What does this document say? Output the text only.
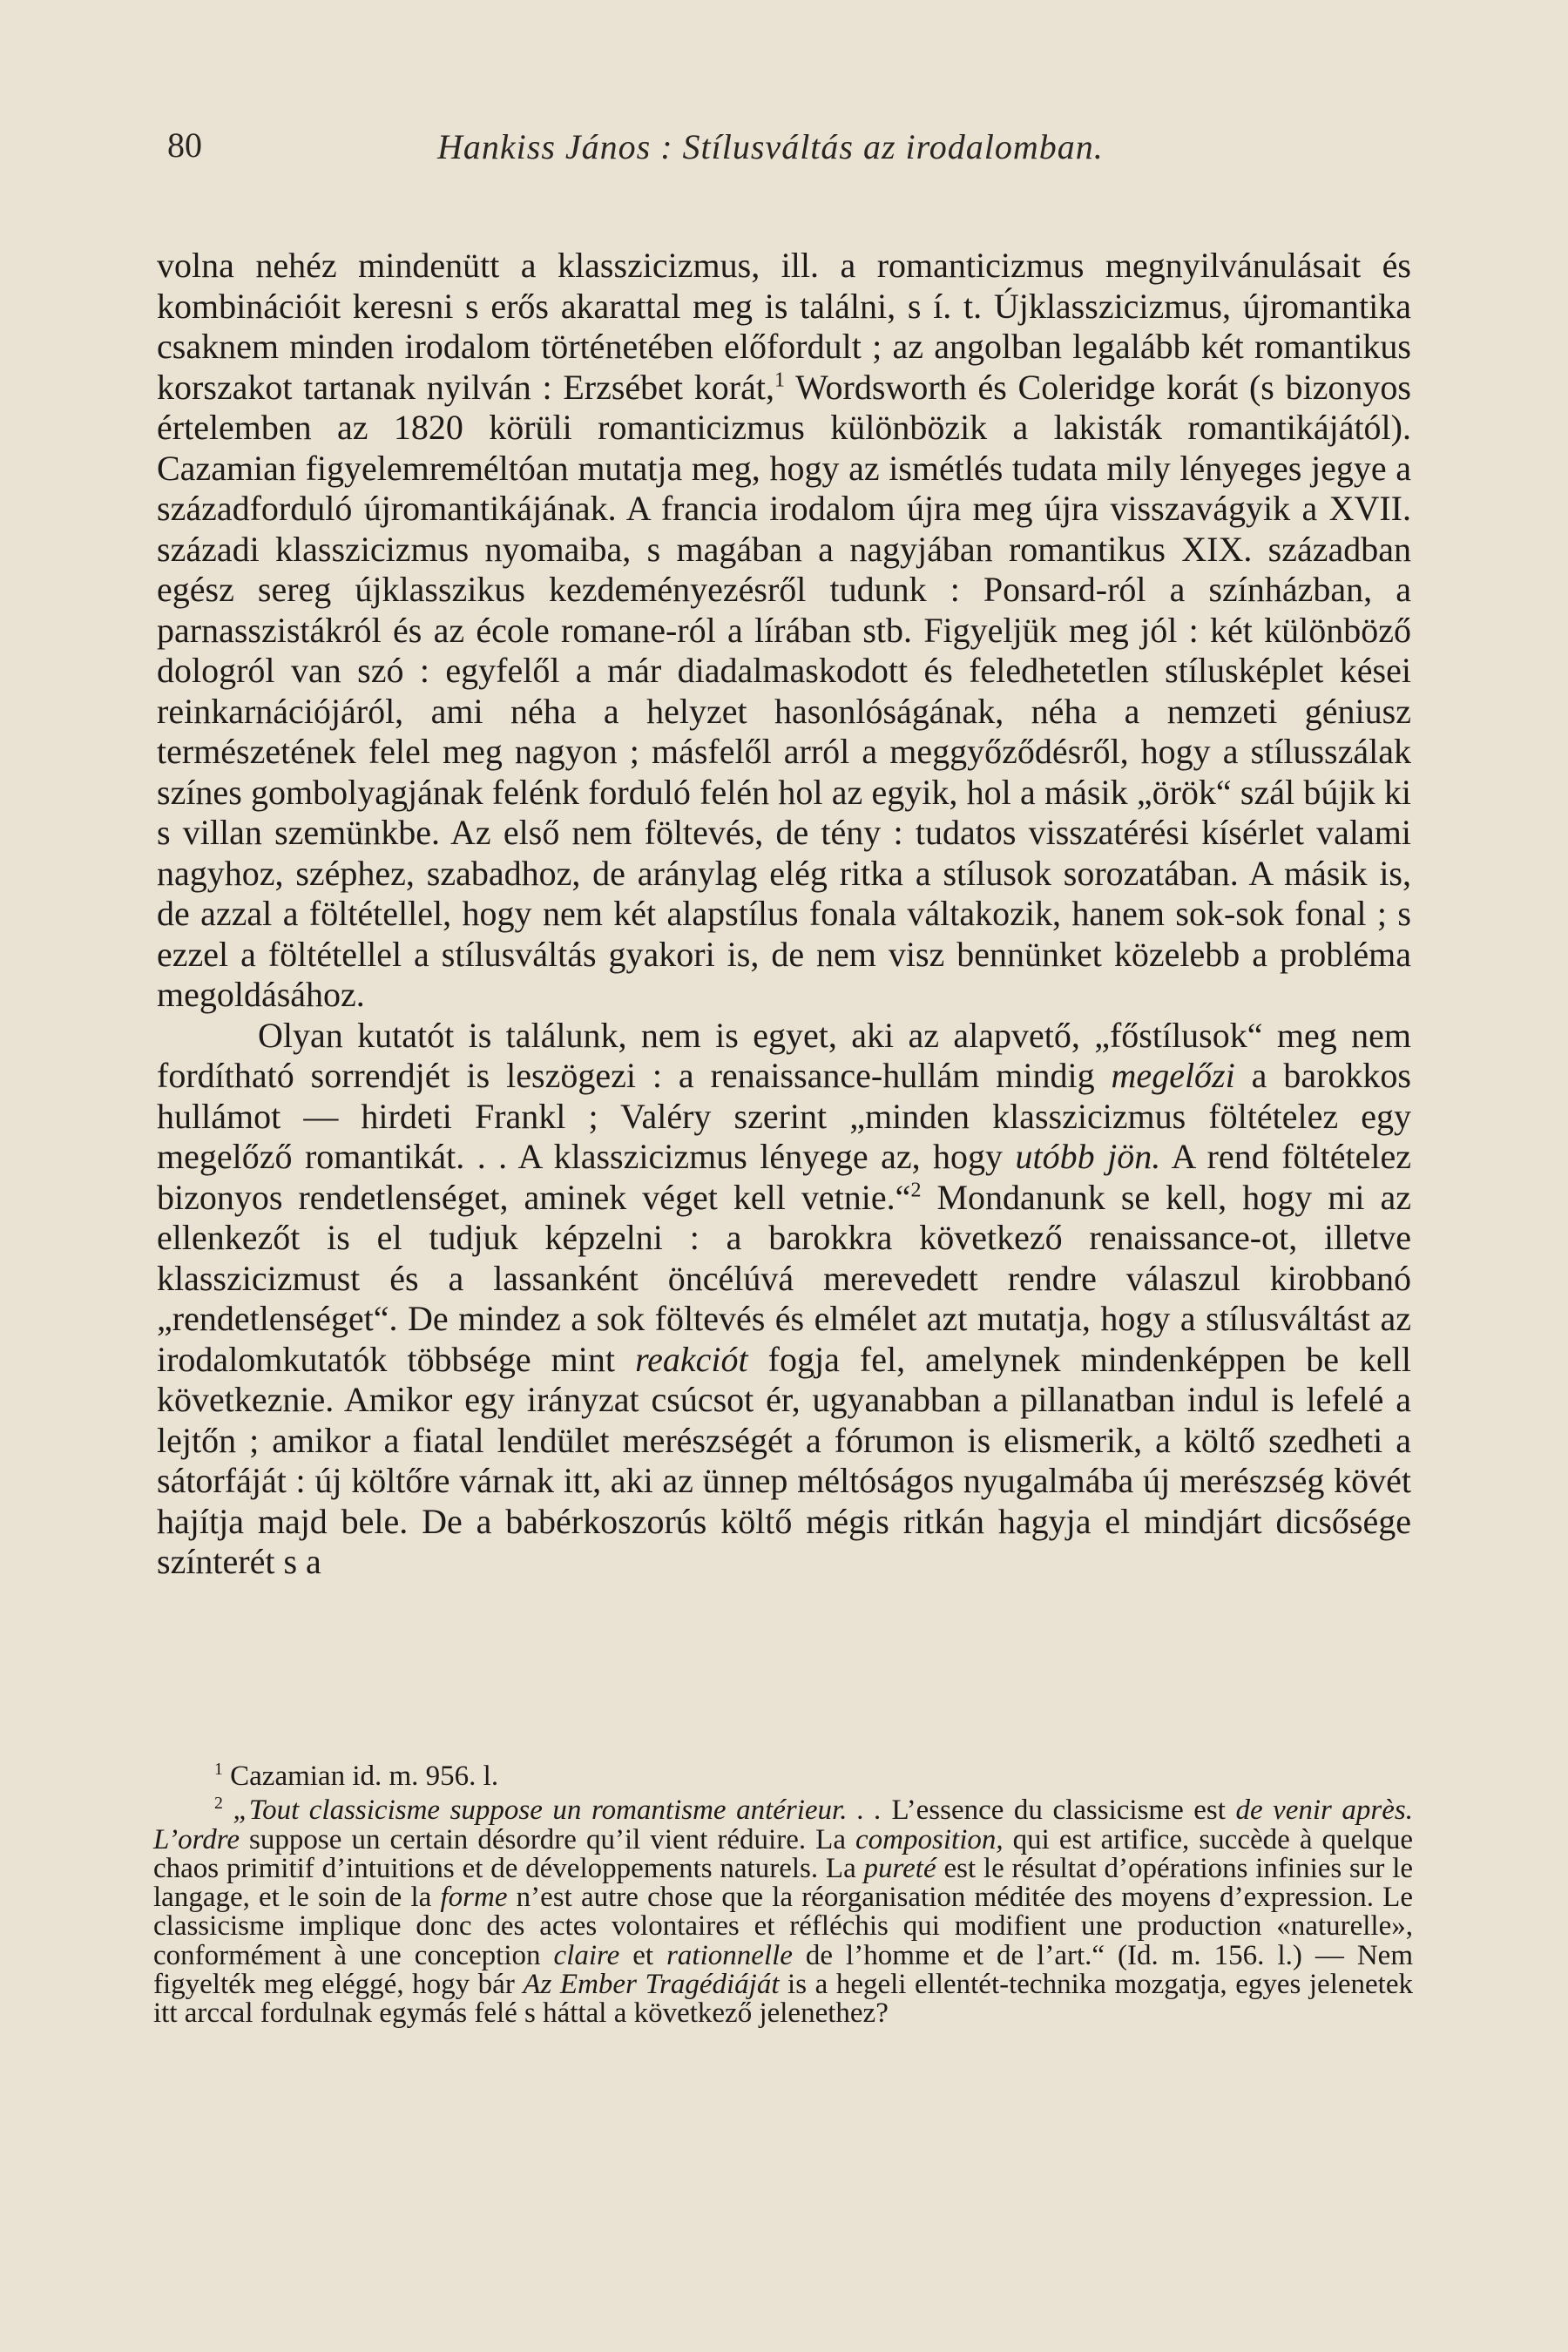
80	Hankiss János : Stílusváltás az irodalomban.

volna nehéz mindenütt a klasszicizmus, ill. a romanticizmus megnyilvánulásait és kombinációit keresni s erős akarattal meg is találni, s í. t. Újklasszicizmus, újromantika csaknem minden irodalom történetében előfordult ; az angolban legalább két romantikus korszakot tartanak nyilván : Erzsébet korát,$^1$ Wordsworth és Coleridge korát (s bizonyos értelemben az 1820 körüli romanticizmus különbözik a lakisták romantikájától). Cazamian figyelemreméltóan mutatja meg, hogy az ismétlés tudata mily lényeges jegye a századforduló újromantikájának. A francia irodalom újra meg újra visszavágyik a XVII. századi klasszicizmus nyomaiba, s magában a nagyjában romantikus XIX. században egész sereg újklasszikus kezdeményezésről tudunk : Ponsard-ról a színházban, a parnasszistákról és az école romane-ról a lírában stb. Figyeljük meg jól : két különböző dologról van szó : egyfelől a már diadalmaskodott és feledhetetlen stílusképlet kései reinkarnációjáról, ami néha a helyzet hasonlóságának, néha a nemzeti géniusz természetének felel meg nagyon ; másfelől arról a meggyőződésről, hogy a stílusszálak színes gombolyagjának felénk forduló felén hol az egyik, hol a másik „örök“ szál bújik ki s villan szemünkbe. Az első nem föltevés, de tény : tudatos visszatérési kísérlet valami nagyhoz, széphez, szabadhoz, de aránylag elég ritka a stílusok sorozatában. A másik is, de azzal a föltétellel, hogy nem két alapstílus fonala váltakozik, hanem sok-sok fonal ; s ezzel a föltétellel a stílusváltás gyakori is, de nem visz bennünket közelebb a probléma megoldásához.

Olyan kutatót is találunk, nem is egyet, aki az alapvető, „főstílusok“ meg nem fordítható sorrendjét is leszögezi : a renaissance-hullám mindig megelőzi a barokkos hullámot — hirdeti Frankl ; Valéry szerint „minden klasszicizmus föltételez egy megelőző romantikát. . . A klasszicizmus lényege az, hogy utóbb jön. A rend föltételez bizonyos rendetlenséget, aminek véget kell vetnie.“$^2$ Mondanunk se kell, hogy mi az ellenkezőt is el tudjuk képzelni : a barokkra következő renaissance-ot, illetve klasszicizmust és a lassanként öncélúvá merevedett rendre válaszul kirobbanó „rendetlenséget“. De mindez a sok föltevés és elmélet azt mutatja, hogy a stílusváltást az irodalomkutatók többsége mint reakciót fogja fel, amelynek mindenképpen be kell következnie. Amikor egy irányzat csúcsot ér, ugyanabban a pillanatban indul is lefelé a lejtőn ; amikor a fiatal lendület merészségét a fórumon is elismerik, a költő szedheti a sátorfáját : új költőre várnak itt, aki az ünnep méltóságos nyugalmába új merészség kövét hajítja majd bele. De a babérkoszorús költő mégis ritkán hagyja el mindjárt dicsősége színterét s a

$^1$ Cazamian id. m. 956. l.

$^2$ „Tout classicisme suppose un romantisme antérieur. . . L’essence du classicisme est de venir après. L’ordre suppose un certain désordre qu’il vient réduire. La composition, qui est artifice, succède à quelque chaos primitif d’intuitions et de développements naturels. La pureté est le résultat d’opérations infinies sur le langage, et le soin de la forme n’est autre chose que la réorganisation méditée des moyens d’expression. Le classicisme implique donc des actes volontaires et réfléchis qui modifient une production «naturelle», conformément à une conception claire et rationnelle de l’homme et de l’art.“ (Id. m. 156. l.) — Nem figyelték meg eléggé, hogy bár Az Ember Tragédiáját is a hegeli ellentét-technika mozgatja, egyes jelenetek itt arccal fordulnak egymás felé s háttal a következő jelenethez?
